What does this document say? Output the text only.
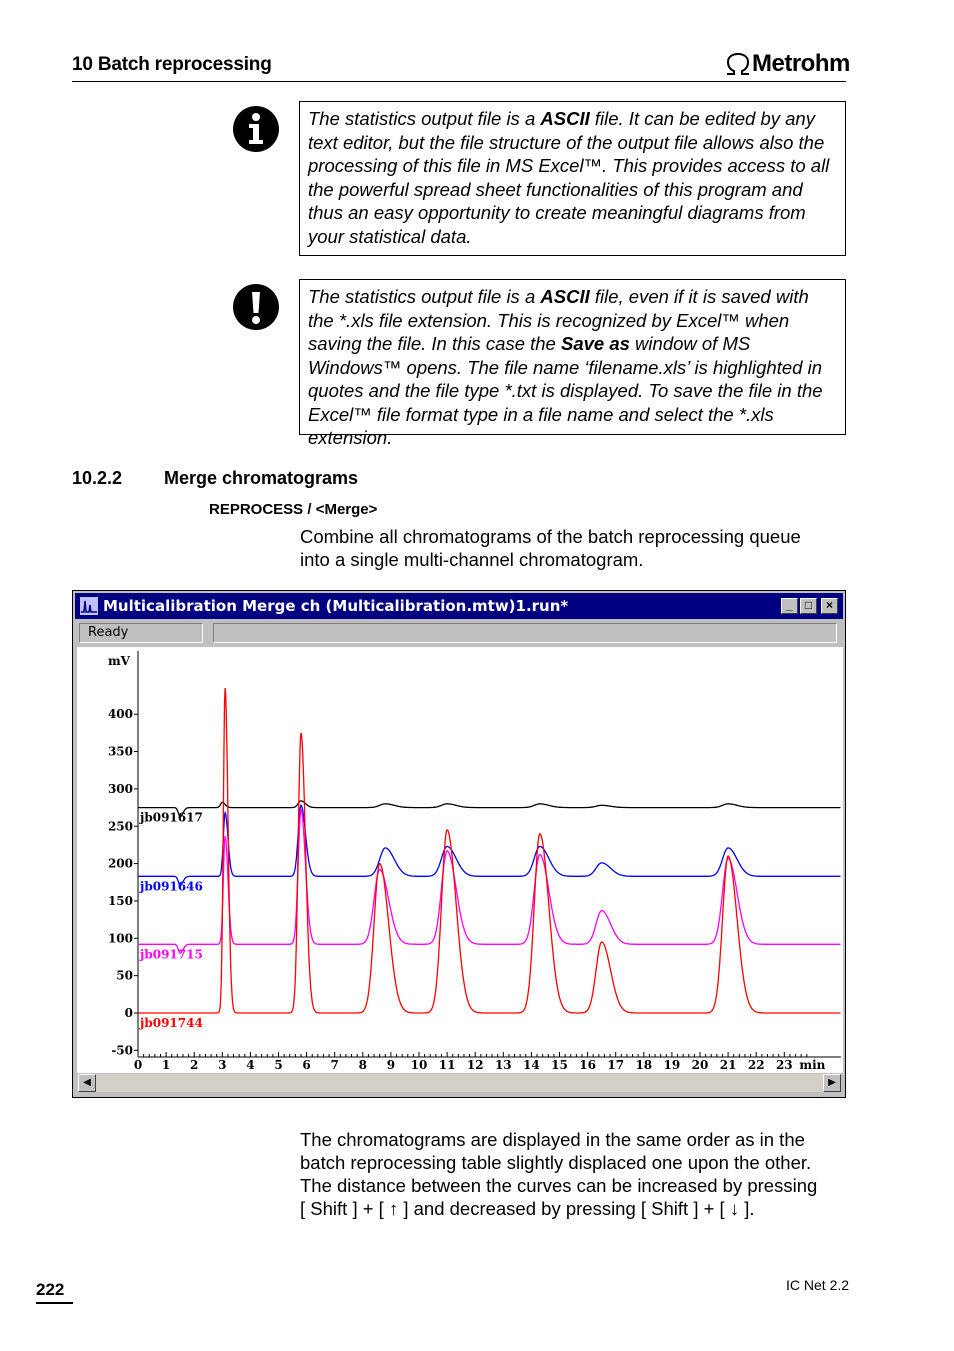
10 Batch reprocessing	Metrohm
The statistics output file is a ASCII file. It can be edited by any text editor, but the file structure of the output file allows also the processing of this file in MS Excel™. This provides access to all the powerful spread sheet functionalities of this program and thus an easy opportunity to create meaningful diagrams from your statistical data.
The statistics output file is a ASCII file, even if it is saved with the *.xls file extension. This is recognized by Excel™ when saving the file. In this case the Save as window of MS Windows™ opens. The file name ‘filename.xls’ is highlighted in quotes and the file type *.txt is displayed. To save the file in the Excel™ file format type in a file name and select the *.xls extension.
10.2.2 Merge chromatograms
REPROCESS / <Merge>
Combine all chromatograms of the batch reprocessing queue into a single multi-channel chromatogram.
Multicalibration Merge ch (Multicalibration.mtw)1.run*	_	□	×
Ready
mV
400
350
300
250
200
150
100
50
0
-50
0 1 2 3 4 5 6 7 8 9 10 11 12 13 14 15 16 17 18 19 20 21 22 23 min
jb091617
jb091646
jb091715
jb091744
◀	▶
The chromatograms are displayed in the same order as in the
batch reprocessing table slightly displaced one upon the other.
The distance between the curves can be increased by pressing
[ Shift ] + [ ↑ ] and decreased by pressing [ Shift ] + [ ↓ ].
222	IC Net 2.2
